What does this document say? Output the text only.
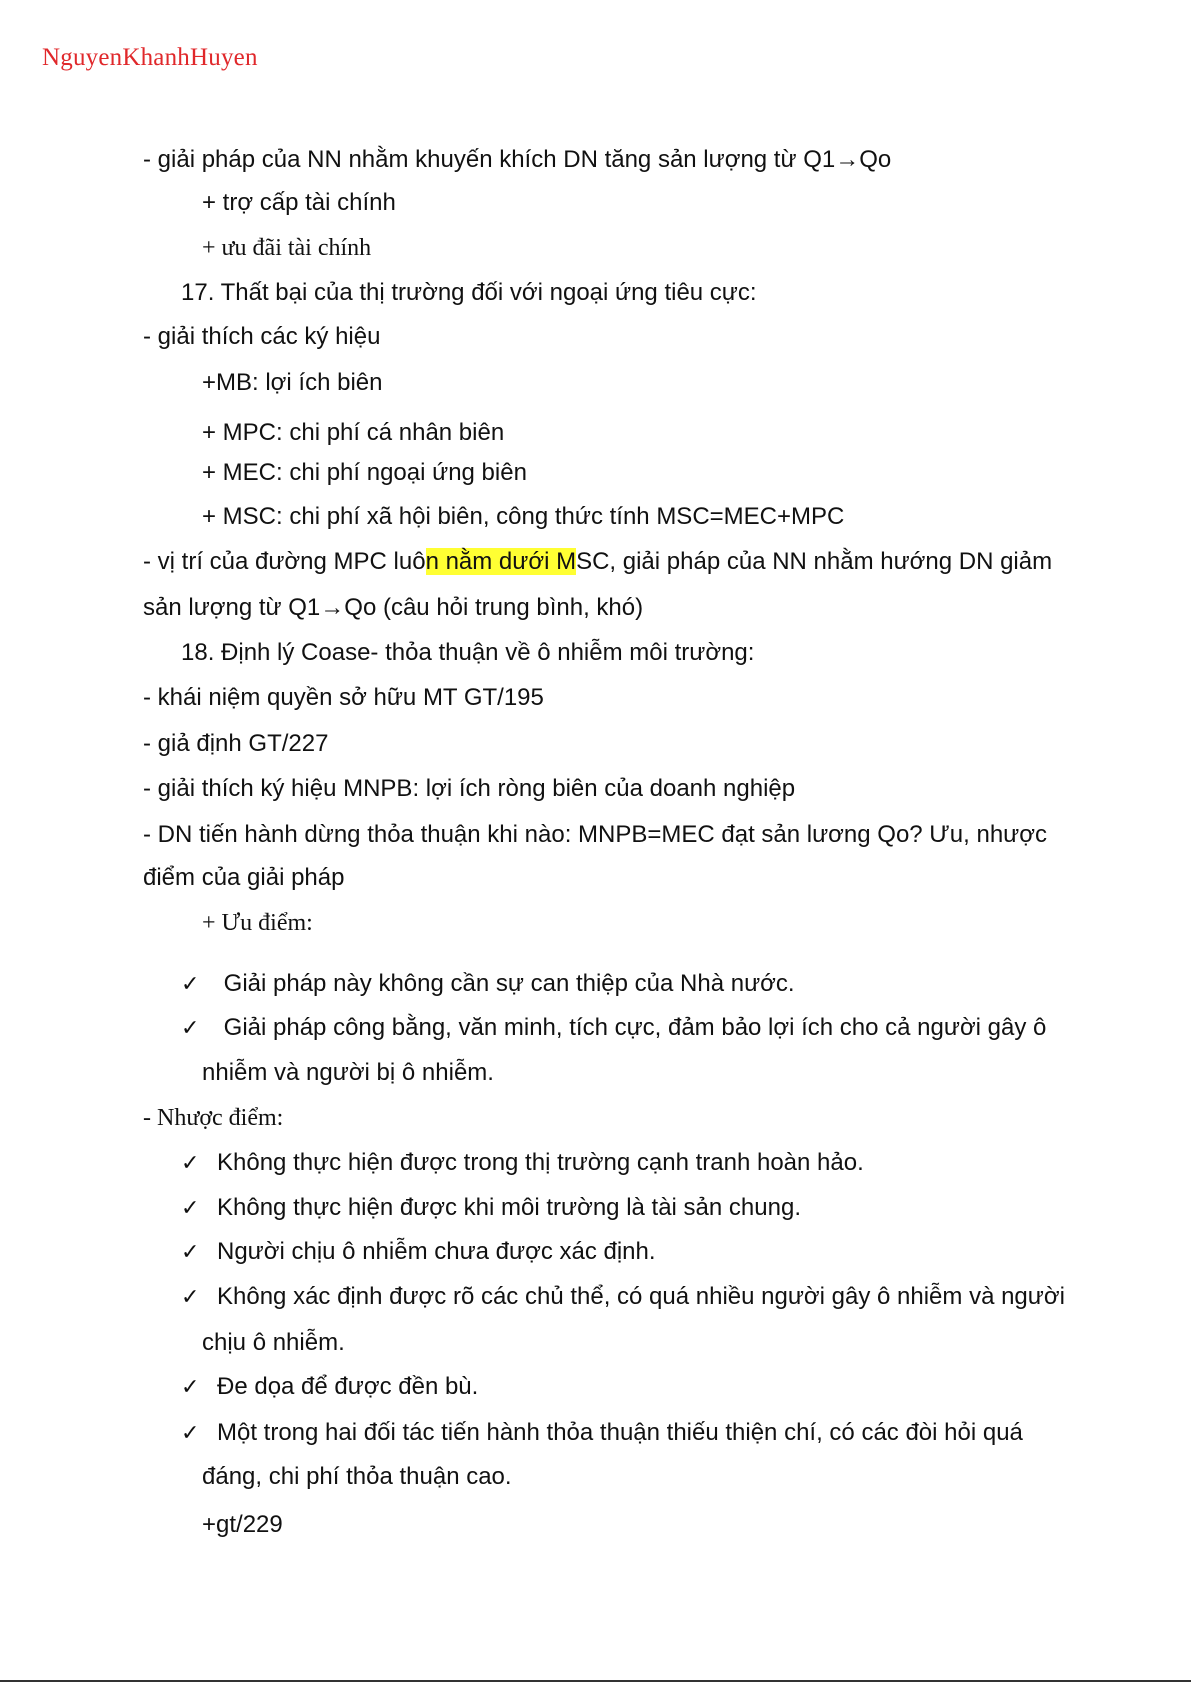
NguyenKhanhHuyen
- giải pháp của NN nhằm khuyến khích DN tăng sản lượng từ Q1→Qo
+ trợ cấp tài chính
+ ưu đãi tài chính
17. Thất bại của thị trường đối với ngoại ứng tiêu cực:
- giải thích các ký hiệu
+MB: lợi ích biên
+ MPC: chi phí cá nhân biên
+ MEC: chi phí ngoại ứng biên
+ MSC: chi phí xã hội biên, công thức tính MSC=MEC+MPC
- vị trí của đường MPC luôn nằm dưới MSC, giải pháp của NN nhằm hướng DN giảm
sản lượng từ Q1→Qo (câu hỏi trung bình, khó)
18. Định lý Coase- thỏa thuận về ô nhiễm môi trường:
- khái niệm quyền sở hữu MT GT/195
- giả định GT/227
- giải thích ký hiệu MNPB: lợi ích ròng biên của doanh nghiệp
- DN tiến hành dừng thỏa thuận khi nào: MNPB=MEC đạt sản lương Qo? Ưu, nhược
điểm của giải pháp
+ Ưu điểm:
✓ Giải pháp này không cần sự can thiệp của Nhà nước.
✓ Giải pháp công bằng, văn minh, tích cực, đảm bảo lợi ích cho cả người gây ô
nhiễm và người bị ô nhiễm.
- Nhược điểm:
✓ Không thực hiện được trong thị trường cạnh tranh hoàn hảo.
✓ Không thực hiện được khi môi trường là tài sản chung.
✓ Người chịu ô nhiễm chưa được xác định.
✓ Không xác định được rõ các chủ thể, có quá nhiều người gây ô nhiễm và người
chịu ô nhiễm.
✓ Đe dọa để được đền bù.
✓ Một trong hai đối tác tiến hành thỏa thuận thiếu thiện chí, có các đòi hỏi quá
đáng, chi phí thỏa thuận cao.
+gt/229
